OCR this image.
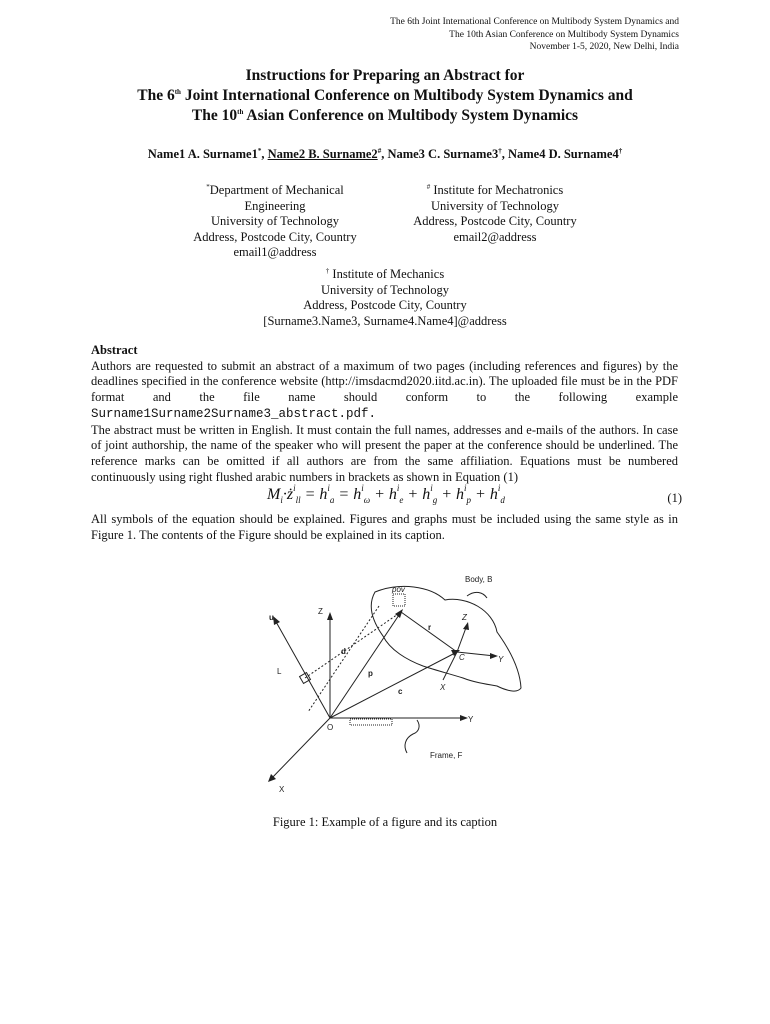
The 6th Joint International Conference on Multibody System Dynamics and
The 10th Asian Conference on Multibody System Dynamics
November 1-5, 2020, New Delhi, India
Instructions for Preparing an Abstract for
The 6th Joint International Conference on Multibody System Dynamics and
The 10th Asian Conference on Multibody System Dynamics
Name1 A. Surname1*, Name2 B. Surname2#, Name3 C. Surname3†, Name4 D. Surname4†
*Department of Mechanical Engineering
University of Technology
Address, Postcode City, Country
email1@address
# Institute for Mechatronics
University of Technology
Address, Postcode City, Country
email2@address
† Institute of Mechanics
University of Technology
Address, Postcode City, Country
[Surname3.Name3, Surname4.Name4]@address

Abstract

Authors are requested to submit an abstract of a maximum of two pages (including references and figures) by the deadlines specified in the conference website (http://imsdacmd2020.iitd.ac.in). The uploaded file must be in the PDF format and the file name should conform to the following example Surname1Surname2Surname3_abstract.pdf.

The abstract must be written in English. It must contain the full names, addresses and e-mails of the authors. In case of joint authorship, the name of the speaker who will present the paper at the conference should be underlined. The reference marks can be omitted if all authors are from the same affiliation. Equations must be numbered continuously using right flushed arabic numbers in brackets as shown in Equation (1)

$M_i\cdot ż^i_{ll} = h^i_a = h^i_\omega + h^i_e + h^i_g + h^i_p + h^i_d$	(1)

All symbols of the equation should be explained. Figures and graphs must be included using the same style as in Figure 1. The contents of the Figure should be explained in its caption.

Body, B
Frame, F
pov
Z
Y
X
O
u
L
d
p
c
r
C
Z
Y
X
Figure 1: Example of a figure and its caption
